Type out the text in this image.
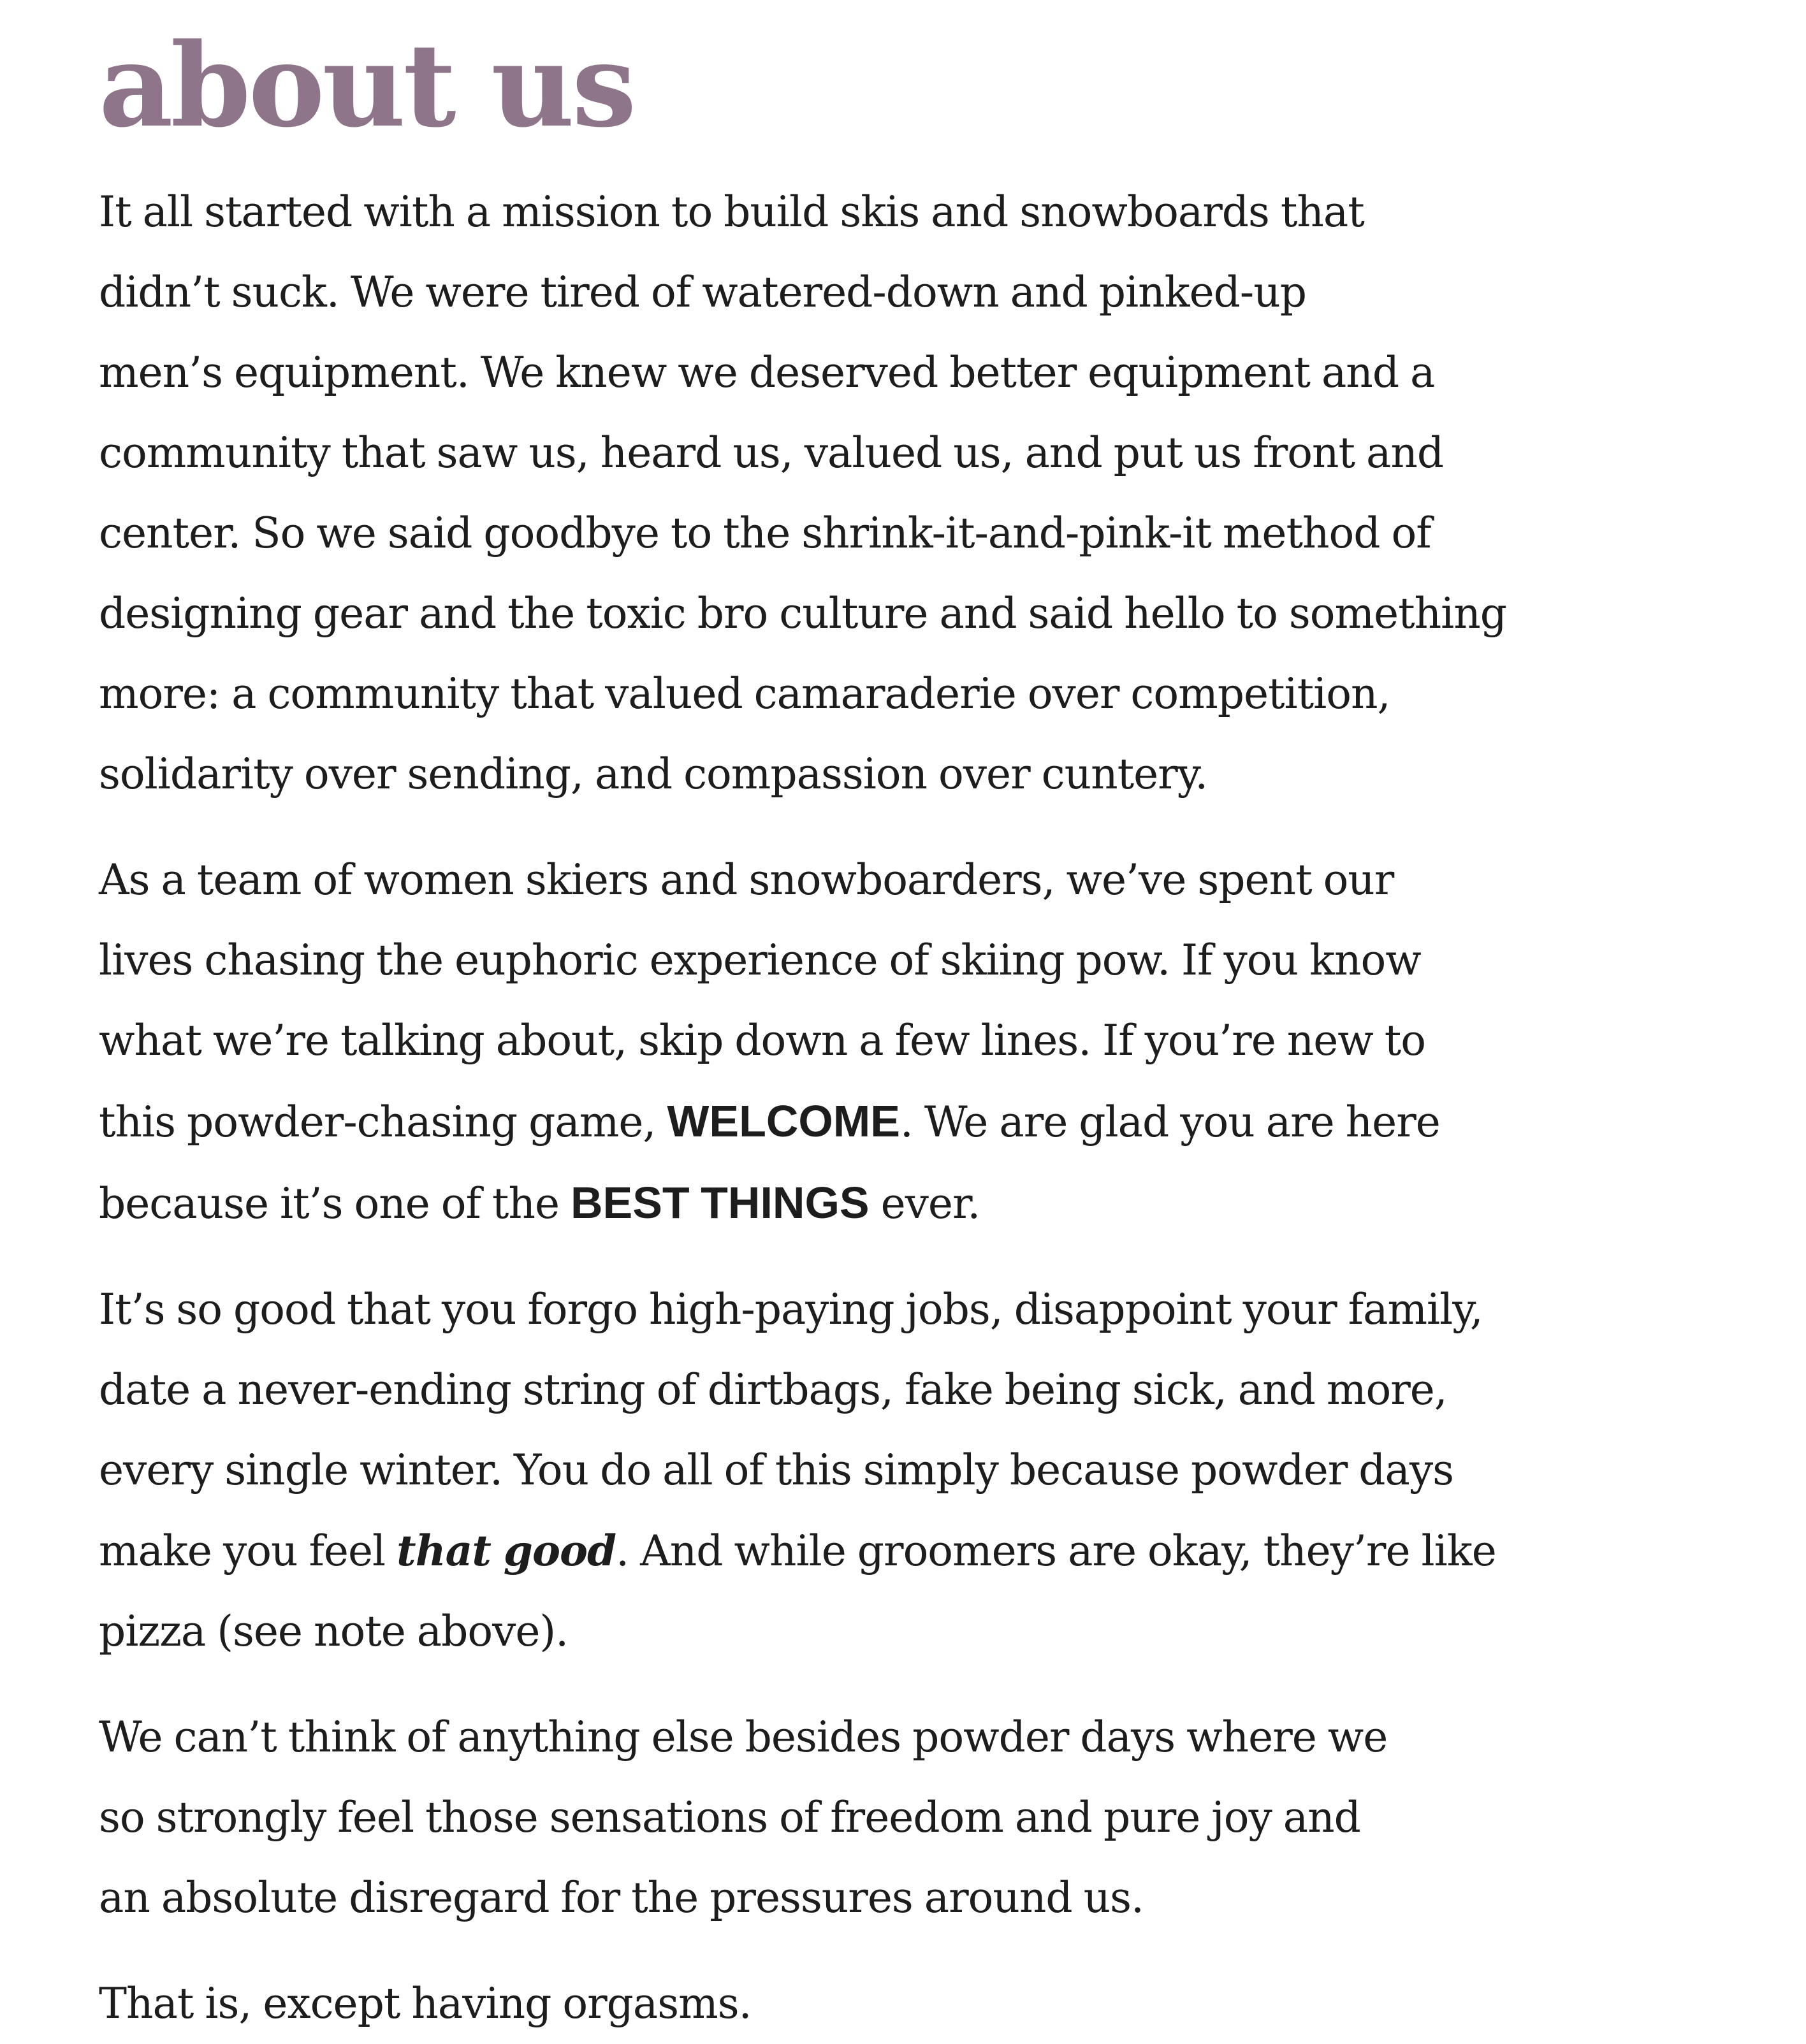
about us
It all started with a mission to build skis and snowboards that
didn’t suck. We were tired of watered-down and pinked-up
men’s equipment. We knew we deserved better equipment and a
community that saw us, heard us, valued us, and put us front and
center. So we said goodbye to the shrink-it-and-pink-it method of
designing gear and the toxic bro culture and said hello to something
more: a community that valued camaraderie over competition,
solidarity over sending, and compassion over cuntery.
As a team of women skiers and snowboarders, we’ve spent our
lives chasing the euphoric experience of skiing pow. If you know
what we’re talking about, skip down a few lines. If you’re new to
this powder-chasing game, WELCOME. We are glad you are here
because it’s one of the BEST THINGS ever.
It’s so good that you forgo high-paying jobs, disappoint your family,
date a never-ending string of dirtbags, fake being sick, and more,
every single winter. You do all of this simply because powder days
make you feel that good. And while groomers are okay, they’re like
pizza (see note above).
We can’t think of anything else besides powder days where we
so strongly feel those sensations of freedom and pure joy and
an absolute disregard for the pressures around us.
That is, except having orgasms.
